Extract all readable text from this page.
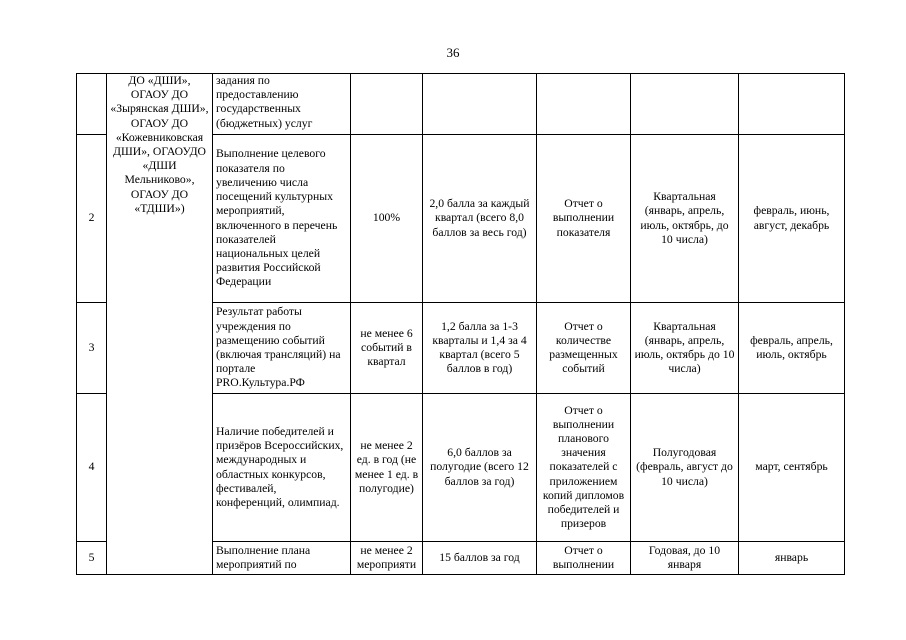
36

	ДО «ДШИ», ОГАОУ ДО «Зырянская ДШИ», ОГАОУ ДО «Кожевниковская ДШИ», ОГАОУДО «ДШИ Мельниково», ОГАОУ ДО «ТДШИ»)	задания по предоставлению государственных (бюджетных) услуг					
2		Выполнение целевого показателя по увеличению числа посещений культурных мероприятий, включенного в перечень показателей национальных целей развития Российской Федерации	100%	2,0 балла за каждый квартал (всего 8,0 баллов за весь год)	Отчет о выполнении показателя	Квартальная (январь, апрель, июль, октябрь, до 10 числа)	февраль, июнь, август, декабрь
3		Результат работы учреждения по размещению событий (включая трансляций) на портале PRO.Культура.РФ	не менее 6 событий в квартал	1,2 балла за 1-3 кварталы и 1,4 за 4 квартал (всего 5 баллов в год)	Отчет о количестве размещенных событий	Квартальная (январь, апрель, июль, октябрь до 10 числа)	февраль, апрель, июль, октябрь
4		Наличие победителей и призёров Всероссийских, международных и областных конкурсов, фестивалей, конференций, олимпиад.	не менее 2 ед. в год (не менее 1 ед. в полугодие)	6,0 баллов за полугодие (всего 12 баллов за год)	Отчет о выполнении планового значения показателей с приложением копий дипломов победителей и призеров	Полугодовая (февраль, август до 10 числа)	март, сентябрь
5		Выполнение плана мероприятий по	не менее 2 мероприяти	15 баллов за год	Отчет о выполнении	Годовая, до 10 января	январь
